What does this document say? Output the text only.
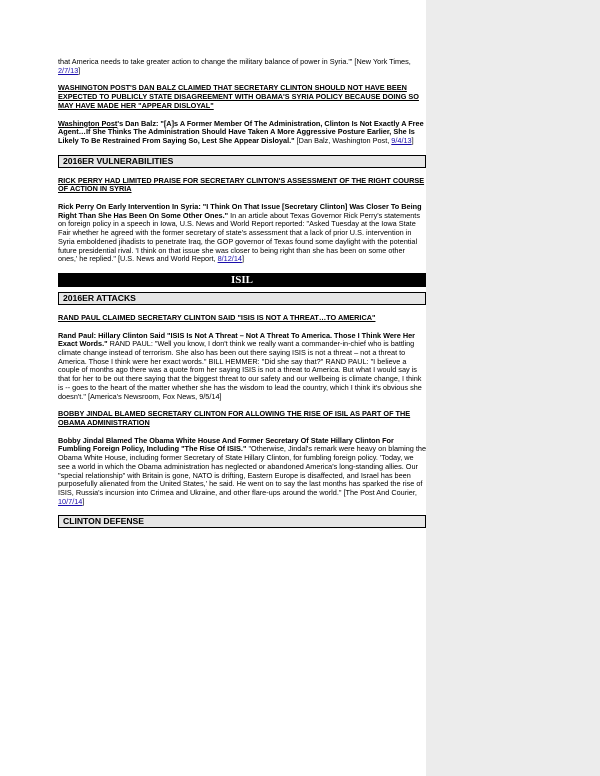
that America needs to take greater action to change the military balance of power in Syria.'" [New York Times, 2/7/13]

WASHINGTON POST'S DAN BALZ CLAIMED THAT SECRETARY CLINTON SHOULD NOT HAVE BEEN EXPECTED TO PUBLICLY STATE DISAGREEMENT WITH OBAMA'S SYRIA POLICY BECAUSE DOING SO MAY HAVE MADE HER "APPEAR DISLOYAL"

Washington Post's Dan Balz: "[A]s A Former Member Of The Administration, Clinton Is Not Exactly A Free Agent…If She Thinks The Administration Should Have Taken A More Aggressive Posture Earlier, She Is Likely To Be Restrained From Saying So, Lest She Appear Disloyal." [Dan Balz, Washington Post, 9/4/13]

2016ER VULNERABILITIES

RICK PERRY HAD LIMITED PRAISE FOR SECRETARY CLINTON'S ASSESSMENT OF THE RIGHT COURSE OF ACTION IN SYRIA

Rick Perry On Early Intervention In Syria: "I Think On That Issue [Secretary Clinton] Was Closer To Being Right Than She Has Been On Some Other Ones." In an article about Texas Governor Rick Perry's statements on foreign policy in a speech in Iowa, U.S. News and World Report reported: "Asked Tuesday at the Iowa State Fair whether he agreed with the former secretary of state's assessment that a lack of prior U.S. intervention in Syria emboldened jihadists to penetrate Iraq, the GOP governor of Texas found some daylight with the potential future presidential rival. 'I think on that issue she was closer to being right than she has been on some other ones,' he replied." [U.S. News and World Report, 8/12/14]

ISIL
2016ER ATTACKS

RAND PAUL CLAIMED SECRETARY CLINTON SAID "ISIS IS NOT A THREAT…TO AMERICA"

Rand Paul: Hillary Clinton Said "ISIS Is Not A Threat – Not A Threat To America. Those I Think Were Her Exact Words." RAND PAUL: "Well you know, I don't think we really want a commander-in-chief who is battling climate change instead of terrorism. She also has been out there saying ISIS is not a threat – not a threat to America. Those I think were her exact words." BILL HEMMER: "Did she say that?" RAND PAUL: "I believe a couple of months ago there was a quote from her saying ISIS is not a threat to America. But what I would say is that for her to be out there saying that the biggest threat to our safety and our wellbeing is climate change, I think is -- goes to the heart of the matter whether she has the wisdom to lead the country, which I think it's obvious she doesn't." [America's Newsroom, Fox News, 9/5/14]

BOBBY JINDAL BLAMED SECRETARY CLINTON FOR ALLOWING THE RISE OF ISIL AS PART OF THE OBAMA ADMINISTRATION

Bobby Jindal Blamed The Obama White House And Former Secretary Of State Hillary Clinton For Fumbling Foreign Policy, Including "The Rise Of ISIS." "Otherwise, Jindal's remark were heavy on blaming the Obama White House, including former Secretary of State Hillary Clinton, for fumbling foreign policy. 'Today, we see a world in which the Obama administration has neglected or abandoned America's long-standing allies. Our "special relationship" with Britain is gone, NATO is drifting, Eastern Europe is disaffected, and Israel has been purposefully alienated from the United States,' he said. He went on to say the last months has sparked the rise of ISIS, Russia's incursion into Crimea and Ukraine, and other flare-ups around the world." [The Post And Courier, 10/7/14]

CLINTON DEFENSE
